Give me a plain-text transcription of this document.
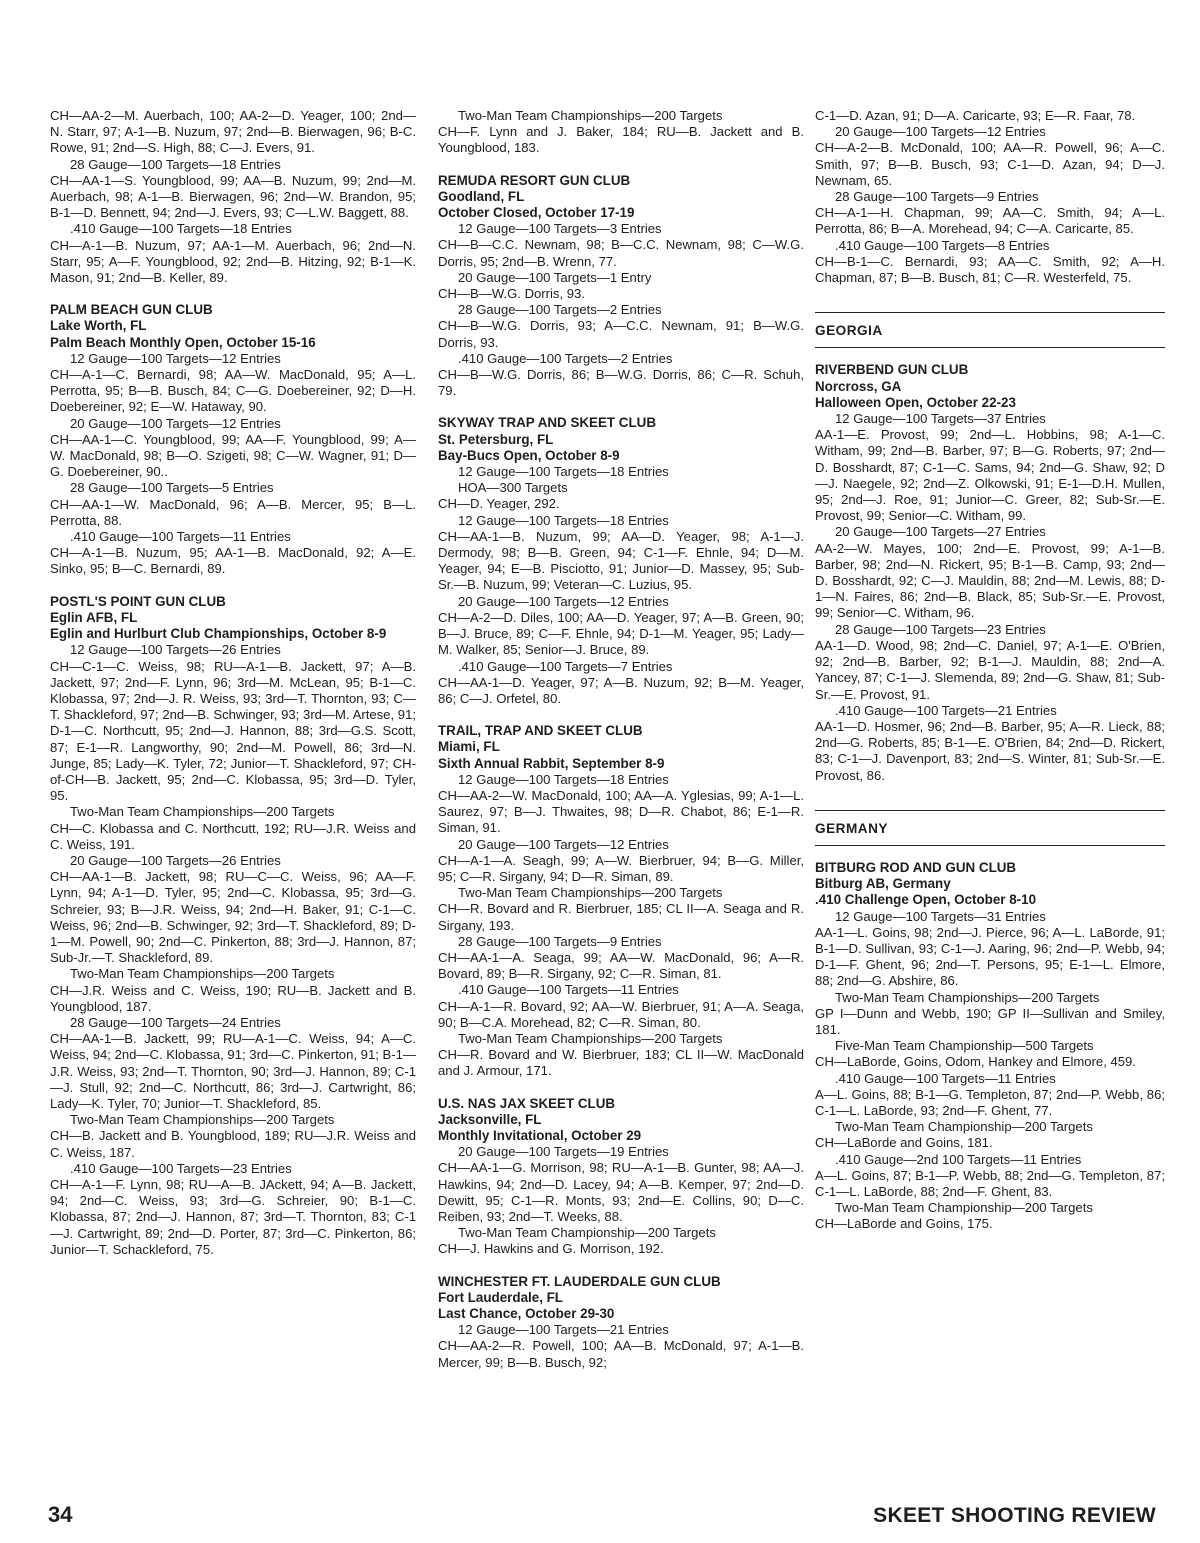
CH—AA-2—M. Auerbach, 100; AA-2—D. Yeager, 100; 2nd—N. Starr, 97; A-1—B. Nuzum, 97; 2nd—B. Bierwagen, 96; B-C. Rowe, 91; 2nd—S. High, 88; C—J. Evers, 91.

28 Gauge—100 Targets—18 Entries

CH—AA-1—S. Youngblood, 99; AA—B. Nuzum, 99; 2nd—M. Auerbach, 98; A-1—B. Bierwagen, 96; 2nd—W. Brandon, 95; B-1—D. Bennett, 94; 2nd—J. Evers, 93; C—L.W. Baggett, 88.

.410 Gauge—100 Targets—18 Entries

CH—A-1—B. Nuzum, 97; AA-1—M. Auerbach, 96; 2nd—N. Starr, 95; A—F. Youngblood, 92; 2nd—B. Hitzing, 92; B-1—K. Mason, 91; 2nd—B. Keller, 89.

PALM BEACH GUN CLUB

Lake Worth, FL

Palm Beach Monthly Open, October 15-16

12 Gauge—100 Targets—12 Entries

CH—A-1—C. Bernardi, 98; AA—W. MacDonald, 95; A—L. Perrotta, 95; B—B. Busch, 84; C—G. Doebereiner, 92; D—H. Doebereiner, 92; E—W. Hataway, 90.

20 Gauge—100 Targets—12 Entries

CH—AA-1—C. Youngblood, 99; AA—F. Youngblood, 99; A—W. MacDonald, 98; B—O. Szigeti, 98; C—W. Wagner, 91; D—G. Doebereiner, 90..

28 Gauge—100 Targets—5 Entries

CH—AA-1—W. MacDonald, 96; A—B. Mercer, 95; B—L. Perrotta, 88.

.410 Gauge—100 Targets—11 Entries

CH—A-1—B. Nuzum, 95; AA-1—B. MacDonald, 92; A—E. Sinko, 95; B—C. Bernardi, 89.

POSTL'S POINT GUN CLUB

Eglin AFB, FL

Eglin and Hurlburt Club Championships, October 8-9

12 Gauge—100 Targets—26 Entries

CH—C-1—C. Weiss, 98; RU—A-1—B. Jackett, 97; A—B. Jackett, 97; 2nd—F. Lynn, 96; 3rd—M. McLean, 95; B-1—C. Klobassa, 97; 2nd—J. R. Weiss, 93; 3rd—T. Thornton, 93; C—T. Shackleford, 97; 2nd—B. Schwinger, 93; 3rd—M. Artese, 91; D-1—C. Northcutt, 95; 2nd—J. Hannon, 88; 3rd—G.S. Scott, 87; E-1—R. Langworthy, 90; 2nd—M. Powell, 86; 3rd—N. Junge, 85; Lady—K. Tyler, 72; Junior—T. Shackleford, 97; CH-of-CH—B. Jackett, 95; 2nd—C. Klobassa, 95; 3rd—D. Tyler, 95.

Two-Man Team Championships—200 Targets

CH—C. Klobassa and C. Northcutt, 192; RU—J.R. Weiss and C. Weiss, 191.

20 Gauge—100 Targets—26 Entries

CH—AA-1—B. Jackett, 98; RU—C—C. Weiss, 96; AA—F. Lynn, 94; A-1—D. Tyler, 95; 2nd—C. Klobassa, 95; 3rd—G. Schreier, 93; B—J.R. Weiss, 94; 2nd—H. Baker, 91; C-1—C. Weiss, 96; 2nd—B. Schwinger, 92; 3rd—T. Shackleford, 89; D-1—M. Powell, 90; 2nd—C. Pinkerton, 88; 3rd—J. Hannon, 87; Sub-Jr.—T. Shackleford, 89.

Two-Man Team Championships—200 Targets

CH—J.R. Weiss and C. Weiss, 190; RU—B. Jackett and B. Youngblood, 187.

28 Gauge—100 Targets—24 Entries

CH—AA-1—B. Jackett, 99; RU—A-1—C. Weiss, 94; A—C. Weiss, 94; 2nd—C. Klobassa, 91; 3rd—C. Pinkerton, 91; B-1—J.R. Weiss, 93; 2nd—T. Thornton, 90; 3rd—J. Hannon, 89; C-1—J. Stull, 92; 2nd—C. Northcutt, 86; 3rd—J. Cartwright, 86; Lady—K. Tyler, 70; Junior—T. Shackleford, 85.

Two-Man Team Championships—200 Targets

CH—B. Jackett and B. Youngblood, 189; RU—J.R. Weiss and C. Weiss, 187.

.410 Gauge—100 Targets—23 Entries

CH—A-1—F. Lynn, 98; RU—A—B. JAckett, 94; A—B. Jackett, 94; 2nd—C. Weiss, 93; 3rd—G. Schreier, 90; B-1—C. Klobassa, 87; 2nd—J. Hannon, 87; 3rd—T. Thornton, 83; C-1—J. Cartwright, 89; 2nd—D. Porter, 87; 3rd—C. Pinkerton, 86; Junior—T. Schackleford, 75.

Two-Man Team Championships—200 Targets

CH—F. Lynn and J. Baker, 184; RU—B. Jackett and B. Youngblood, 183.

REMUDA RESORT GUN CLUB

Goodland, FL

October Closed, October 17-19

12 Gauge—100 Targets—3 Entries

CH—B—C.C. Newnam, 98; B—C.C. Newnam, 98; C—W.G. Dorris, 95; 2nd—B. Wrenn, 77.

20 Gauge—100 Targets—1 Entry

CH—B—W.G. Dorris, 93.

28 Gauge—100 Targets—2 Entries

CH—B—W.G. Dorris, 93; A—C.C. Newnam, 91; B—W.G. Dorris, 93.

.410 Gauge—100 Targets—2 Entries

CH—B—W.G. Dorris, 86; B—W.G. Dorris, 86; C—R. Schuh, 79.

SKYWAY TRAP AND SKEET CLUB

St. Petersburg, FL

Bay-Bucs Open, October 8-9

12 Gauge—100 Targets—18 Entries

HOA—300 Targets

CH—D. Yeager, 292.

12 Gauge—100 Targets—18 Entries

CH—AA-1—B. Nuzum, 99; AA—D. Yeager, 98; A-1—J. Dermody, 98; B—B. Green, 94; C-1—F. Ehnle, 94; D—M. Yeager, 94; E—B. Pisciotto, 91; Junior—D. Massey, 95; Sub-Sr.—B. Nuzum, 99; Veteran—C. Luzius, 95.

20 Gauge—100 Targets—12 Entries

CH—A-2—D. Diles, 100; AA—D. Yeager, 97; A—B. Green, 90; B—J. Bruce, 89; C—F. Ehnle, 94; D-1—M. Yeager, 95; Lady—M. Walker, 85; Senior—J. Bruce, 89.

.410 Gauge—100 Targets—7 Entries

CH—AA-1—D. Yeager, 97; A—B. Nuzum, 92; B—M. Yeager, 86; C—J. Orfetel, 80.

TRAIL, TRAP AND SKEET CLUB

Miami, FL

Sixth Annual Rabbit, September 8-9

12 Gauge—100 Targets—18 Entries

CH—AA-2—W. MacDonald, 100; AA—A. Yglesias, 99; A-1—L. Saurez, 97; B—J. Thwaites, 98; D—R. Chabot, 86; E-1—R. Siman, 91.

20 Gauge—100 Targets—12 Entries

CH—A-1—A. Seagh, 99; A—W. Bierbruer, 94; B—G. Miller, 95; C—R. Sirgany, 94; D—R. Siman, 89.

Two-Man Team Championships—200 Targets

CH—R. Bovard and R. Bierbruer, 185; CL II—A. Seaga and R. Sirgany, 193.

28 Gauge—100 Targets—9 Entries

CH—AA-1—A. Seaga, 99; AA—W. MacDonald, 96; A—R. Bovard, 89; B—R. Sirgany, 92; C—R. Siman, 81.

.410 Gauge—100 Targets—11 Entries

CH—A-1—R. Bovard, 92; AA—W. Bierbruer, 91; A—A. Seaga, 90; B—C.A. Morehead, 82; C—R. Siman, 80.

Two-Man Team Championships—200 Targets

CH—R. Bovard and W. Bierbruer, 183; CL II—W. MacDonald and J. Armour, 171.

U.S. NAS JAX SKEET CLUB

Jacksonville, FL

Monthly Invitational, October 29

20 Gauge—100 Targets—19 Entries

CH—AA-1—G. Morrison, 98; RU—A-1—B. Gunter, 98; AA—J. Hawkins, 94; 2nd—D. Lacey, 94; A—B. Kemper, 97; 2nd—D. Dewitt, 95; C-1—R. Monts, 93; 2nd—E. Collins, 90; D—C. Reiben, 93; 2nd—T. Weeks, 88.

Two-Man Team Championship—200 Targets

CH—J. Hawkins and G. Morrison, 192.

WINCHESTER FT. LAUDERDALE GUN CLUB

Fort Lauderdale, FL

Last Chance, October 29-30

12 Gauge—100 Targets—21 Entries

CH—AA-2—R. Powell, 100; AA—B. McDonald, 97; A-1—B. Mercer, 99; B—B. Busch, 92;

C-1—D. Azan, 91; D—A. Caricarte, 93; E—R. Faar, 78.

20 Gauge—100 Targets—12 Entries

CH—A-2—B. McDonald, 100; AA—R. Powell, 96; A—C. Smith, 97; B—B. Busch, 93; C-1—D. Azan, 94; D—J. Newnam, 65.

28 Gauge—100 Targets—9 Entries

CH—A-1—H. Chapman, 99; AA—C. Smith, 94; A—L. Perrotta, 86; B—A. Morehead, 94; C—A. Caricarte, 85.

.410 Gauge—100 Targets—8 Entries

CH—B-1—C. Bernardi, 93; AA—C. Smith, 92; A—H. Chapman, 87; B—B. Busch, 81; C—R. Westerfeld, 75.

GEORGIA

RIVERBEND GUN CLUB

Norcross, GA

Halloween Open, October 22-23

12 Gauge—100 Targets—37 Entries

AA-1—E. Provost, 99; 2nd—L. Hobbins, 98; A-1—C. Witham, 99; 2nd—B. Barber, 97; B—G. Roberts, 97; 2nd—D. Bosshardt, 87; C-1—C. Sams, 94; 2nd—G. Shaw, 92; D—J. Naegele, 92; 2nd—Z. Olkowski, 91; E-1—D.H. Mullen, 95; 2nd—J. Roe, 91; Junior—C. Greer, 82; Sub-Sr.—E. Provost, 99; Senior—C. Witham, 99.

20 Gauge—100 Targets—27 Entries

AA-2—W. Mayes, 100; 2nd—E. Provost, 99; A-1—B. Barber, 98; 2nd—N. Rickert, 95; B-1—B. Camp, 93; 2nd—D. Bosshardt, 92; C—J. Mauldin, 88; 2nd—M. Lewis, 88; D-1—N. Faires, 86; 2nd—B. Black, 85; Sub-Sr.—E. Provost, 99; Senior—C. Witham, 96.

28 Gauge—100 Targets—23 Entries

AA-1—D. Wood, 98; 2nd—C. Daniel, 97; A-1—E. O'Brien, 92; 2nd—B. Barber, 92; B-1—J. Mauldin, 88; 2nd—A. Yancey, 87; C-1—J. Slemenda, 89; 2nd—G. Shaw, 81; Sub-Sr.—E. Provost, 91.

.410 Gauge—100 Targets—21 Entries

AA-1—D. Hosmer, 96; 2nd—B. Barber, 95; A—R. Lieck, 88; 2nd—G. Roberts, 85; B-1—E. O'Brien, 84; 2nd—D. Rickert, 83; C-1—J. Davenport, 83; 2nd—S. Winter, 81; Sub-Sr.—E. Provost, 86.

GERMANY

BITBURG ROD AND GUN CLUB

Bitburg AB, Germany

.410 Challenge Open, October 8-10

12 Gauge—100 Targets—31 Entries

AA-1—L. Goins, 98; 2nd—J. Pierce, 96; A—L. LaBorde, 91; B-1—D. Sullivan, 93; C-1—J. Aaring, 96; 2nd—P. Webb, 94; D-1—F. Ghent, 96; 2nd—T. Persons, 95; E-1—L. Elmore, 88; 2nd—G. Abshire, 86.

Two-Man Team Championships—200 Targets

GP I—Dunn and Webb, 190; GP II—Sullivan and Smiley, 181.

Five-Man Team Championship—500 Targets

CH—LaBorde, Goins, Odom, Hankey and Elmore, 459.

.410 Gauge—100 Targets—11 Entries

A—L. Goins, 88; B-1—G. Templeton, 87; 2nd—P. Webb, 86; C-1—L. LaBorde, 93; 2nd—F. Ghent, 77.

Two-Man Team Championship—200 Targets

CH—LaBorde and Goins, 181.

.410 Gauge—2nd 100 Targets—11 Entries

A—L. Goins, 87; B-1—P. Webb, 88; 2nd—G. Templeton, 87; C-1—L. LaBorde, 88; 2nd—F. Ghent, 83.

Two-Man Team Championship—200 Targets

CH—LaBorde and Goins, 175.

34	SKEET SHOOTING REVIEW
